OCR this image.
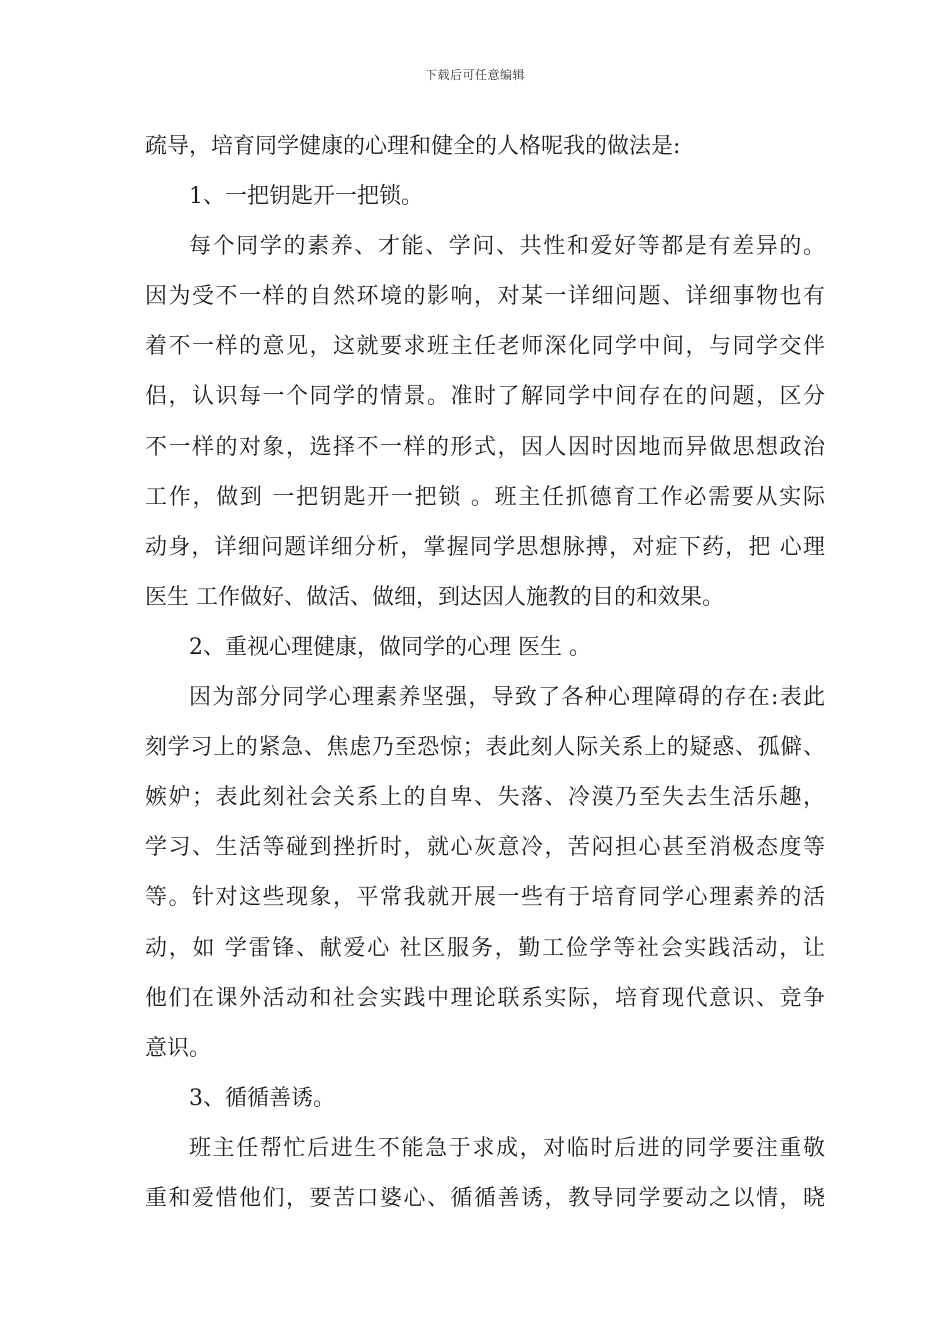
下载后可任意编辑
疏导，培育同学健康的心理和健全的人格呢我的做法是:
1、一把钥匙开一把锁。
每个同学的素养、才能、学问、共性和爱好等都是有差异的。
因为受不一样的自然环境的影响，对某一详细问题、详细事物也有
着不一样的意见，这就要求班主任老师深化同学中间，与同学交伴
侣，认识每一个同学的情景。准时了解同学中间存在的问题，区分
不一样的对象，选择不一样的形式，因人因时因地而异做思想政治
工作，做到 一把钥匙开一把锁 。班主任抓德育工作必需要从实际
动身，详细问题详细分析，掌握同学思想脉搏，对症下药，把 心理
医生 工作做好、做活、做细，到达因人施教的目的和效果。
2、重视心理健康，做同学的心理 医生 。
因为部分同学心理素养坚强，导致了各种心理障碍的存在:表此
刻学习上的紧急、焦虑乃至恐惊；表此刻人际关系上的疑惑、孤僻、
嫉妒；表此刻社会关系上的自卑、失落、冷漠乃至失去生活乐趣，
学习、生活等碰到挫折时，就心灰意冷，苦闷担心甚至消极态度等
等。针对这些现象，平常我就开展一些有于培育同学心理素养的活
动，如 学雷锋、献爱心 社区服务，勤工俭学等社会实践活动，让
他们在课外活动和社会实践中理论联系实际，培育现代意识、竞争
意识。
3、循循善诱。
班主任帮忙后进生不能急于求成，对临时后进的同学要注重敬
重和爱惜他们，要苦口婆心、循循善诱，教导同学要动之以情，晓
